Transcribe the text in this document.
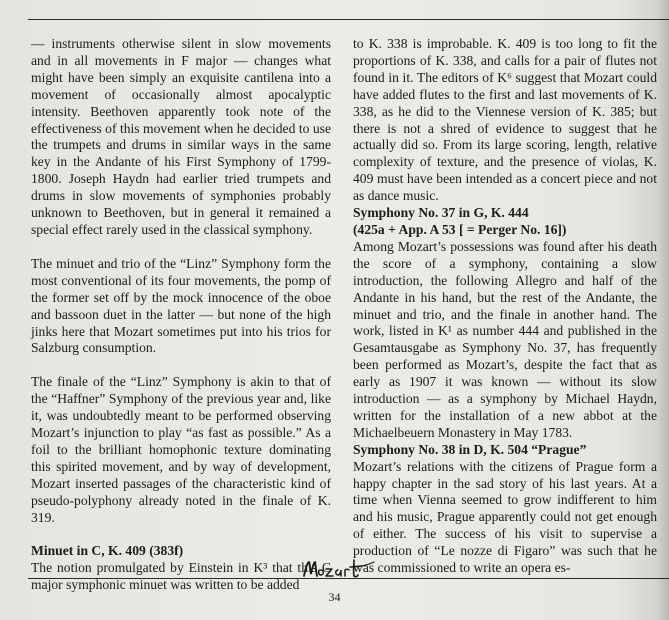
— instruments otherwise silent in slow movements and in all movements in F major — changes what might have been simply an exquisite cantilena into a movement of occasionally almost apocalyptic intensity. Beethoven apparently took note of the effectiveness of this movement when he decided to use the trumpets and drums in similar ways in the same key in the Andante of his First Symphony of 1799-1800. Joseph Haydn had earlier tried trumpets and drums in slow movements of symphonies probably unknown to Beethoven, but in general it remained a special effect rarely used in the classical symphony.

The minuet and trio of the “Linz” Symphony form the most conventional of its four movements, the pomp of the former set off by the mock innocence of the oboe and bassoon duet in the latter — but none of the high jinks here that Mozart sometimes put into his trios for Salzburg consumption.

The finale of the “Linz” Symphony is akin to that of the “Haffner” Symphony of the previous year and, like it, was undoubtedly meant to be performed observing Mozart’s injunction to play “as fast as possible.” As a foil to the brilliant homophonic texture dominating this spirited movement, and by way of development, Mozart inserted passages of the characteristic kind of pseudo-polyphony already noted in the finale of K. 319.

Minuet in C, K. 409 (383f)

The notion promulgated by Einstein in K³ that this C major symphonic minuet was written to be added

to K. 338 is improbable. K. 409 is too long to fit the proportions of K. 338, and calls for a pair of flutes not found in it. The editors of K⁶ suggest that Mozart could have added flutes to the first and last movements of K. 338, as he did to the Viennese version of K. 385; but there is not a shred of evidence to suggest that he actually did so. From its large scoring, length, relative complexity of texture, and the presence of violas, K. 409 must have been intended as a concert piece and not as dance music.

Symphony No. 37 in G, K. 444
(425a + App. A 53 [ = Perger No. 16])

Among Mozart’s possessions was found after his death the score of a symphony, containing a slow introduction, the following Allegro and half of the Andante in his hand, but the rest of the Andante, the minuet and trio, and the finale in another hand. The work, listed in K¹ as number 444 and published in the Gesamtausgabe as Symphony No. 37, has frequently been performed as Mozart’s, despite the fact that as early as 1907 it was known — without its slow introduction — as a symphony by Michael Haydn, written for the installation of a new abbot at the Michaelbeuern Monastery in May 1783.

Symphony No. 38 in D, K. 504 “Prague”

Mozart’s relations with the citizens of Prague form a happy chapter in the sad story of his last years. At a time when Vienna seemed to grow indifferent to him and his music, Prague apparently could not get enough of either. The success of his visit to supervise a production of “Le nozze di Figaro” was such that he was commissioned to write an opera es-

34
